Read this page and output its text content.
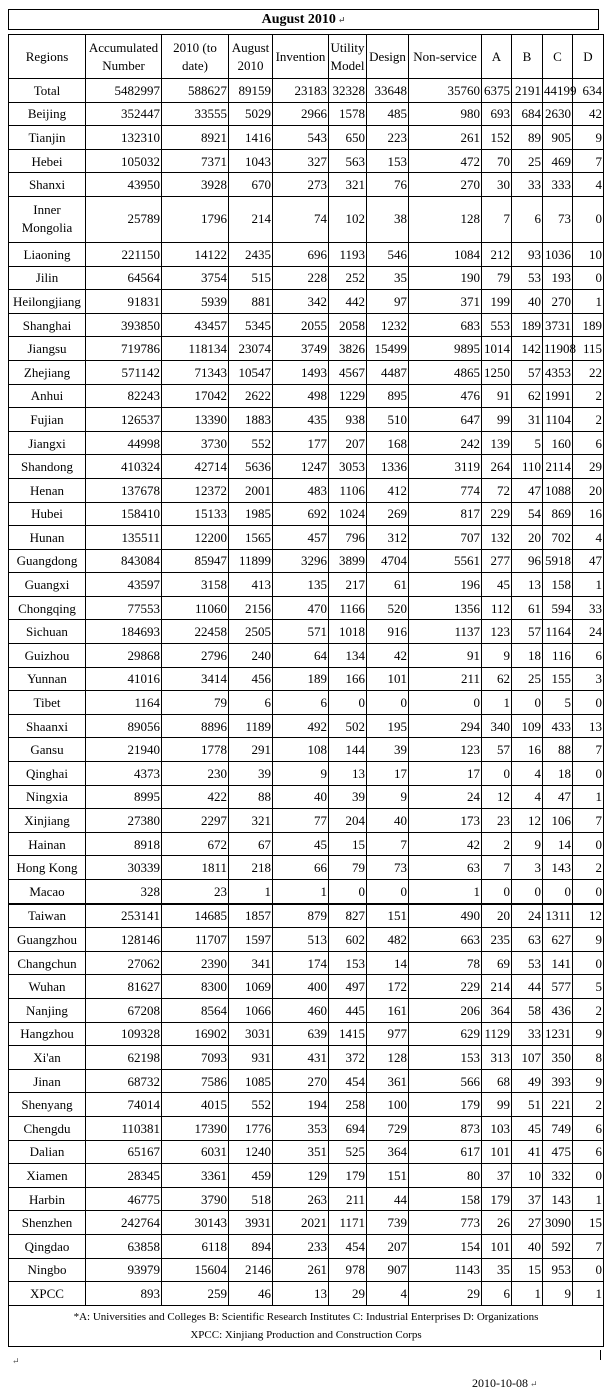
August 2010 ↵
Regions	Accumulated Number	2010 (to date)	August 2010	Invention	Utility Model	Design	Non-service	A	B	C	D
Total	5482997	588627	89159	23183	32328	33648	35760	6375	2191	44199	634
Beijing	352447	33555	5029	2966	1578	485	980	693	684	2630	42
Tianjin	132310	8921	1416	543	650	223	261	152	89	905	9
Hebei	105032	7371	1043	327	563	153	472	70	25	469	7
Shanxi	43950	3928	670	273	321	76	270	30	33	333	4
Inner Mongolia	25789	1796	214	74	102	38	128	7	6	73	0
Liaoning	221150	14122	2435	696	1193	546	1084	212	93	1036	10
Jilin	64564	3754	515	228	252	35	190	79	53	193	0
Heilongjiang	91831	5939	881	342	442	97	371	199	40	270	1
Shanghai	393850	43457	5345	2055	2058	1232	683	553	189	3731	189
Jiangsu	719786	118134	23074	3749	3826	15499	9895	1014	142	11908	115
Zhejiang	571142	71343	10547	1493	4567	4487	4865	1250	57	4353	22
Anhui	82243	17042	2622	498	1229	895	476	91	62	1991	2
Fujian	126537	13390	1883	435	938	510	647	99	31	1104	2
Jiangxi	44998	3730	552	177	207	168	242	139	5	160	6
Shandong	410324	42714	5636	1247	3053	1336	3119	264	110	2114	29
Henan	137678	12372	2001	483	1106	412	774	72	47	1088	20
Hubei	158410	15133	1985	692	1024	269	817	229	54	869	16
Hunan	135511	12200	1565	457	796	312	707	132	20	702	4
Guangdong	843084	85947	11899	3296	3899	4704	5561	277	96	5918	47
Guangxi	43597	3158	413	135	217	61	196	45	13	158	1
Chongqing	77553	11060	2156	470	1166	520	1356	112	61	594	33
Sichuan	184693	22458	2505	571	1018	916	1137	123	57	1164	24
Guizhou	29868	2796	240	64	134	42	91	9	18	116	6
Yunnan	41016	3414	456	189	166	101	211	62	25	155	3
Tibet	1164	79	6	6	0	0	0	1	0	5	0
Shaanxi	89056	8896	1189	492	502	195	294	340	109	433	13
Gansu	21940	1778	291	108	144	39	123	57	16	88	7
Qinghai	4373	230	39	9	13	17	17	0	4	18	0
Ningxia	8995	422	88	40	39	9	24	12	4	47	1
Xinjiang	27380	2297	321	77	204	40	173	23	12	106	7
Hainan	8918	672	67	45	15	7	42	2	9	14	0
Hong Kong	30339	1811	218	66	79	73	63	7	3	143	2
Macao	328	23	1	1	0	0	1	0	0	0	0
Taiwan	253141	14685	1857	879	827	151	490	20	24	1311	12
Guangzhou	128146	11707	1597	513	602	482	663	235	63	627	9
Changchun	27062	2390	341	174	153	14	78	69	53	141	0
Wuhan	81627	8300	1069	400	497	172	229	214	44	577	5
Nanjing	67208	8564	1066	460	445	161	206	364	58	436	2
Hangzhou	109328	16902	3031	639	1415	977	629	1129	33	1231	9
Xi'an	62198	7093	931	431	372	128	153	313	107	350	8
Jinan	68732	7586	1085	270	454	361	566	68	49	393	9
Shenyang	74014	4015	552	194	258	100	179	99	51	221	2
Chengdu	110381	17390	1776	353	694	729	873	103	45	749	6
Dalian	65167	6031	1240	351	525	364	617	101	41	475	6
Xiamen	28345	3361	459	129	179	151	80	37	10	332	0
Harbin	46775	3790	518	263	211	44	158	179	37	143	1
Shenzhen	242764	30143	3931	2021	1171	739	773	26	27	3090	15
Qingdao	63858	6118	894	233	454	207	154	101	40	592	7
Ningbo	93979	15604	2146	261	978	907	1143	35	15	953	0
XPCC	893	259	46	13	29	4	29	6	1	9	1

*A: Universities and Colleges B: Scientific Research Institutes C: Industrial Enterprises D: Organizations
XPCC: Xinjiang Production and Construction Corps											
↵
2010-10-08 ↵
